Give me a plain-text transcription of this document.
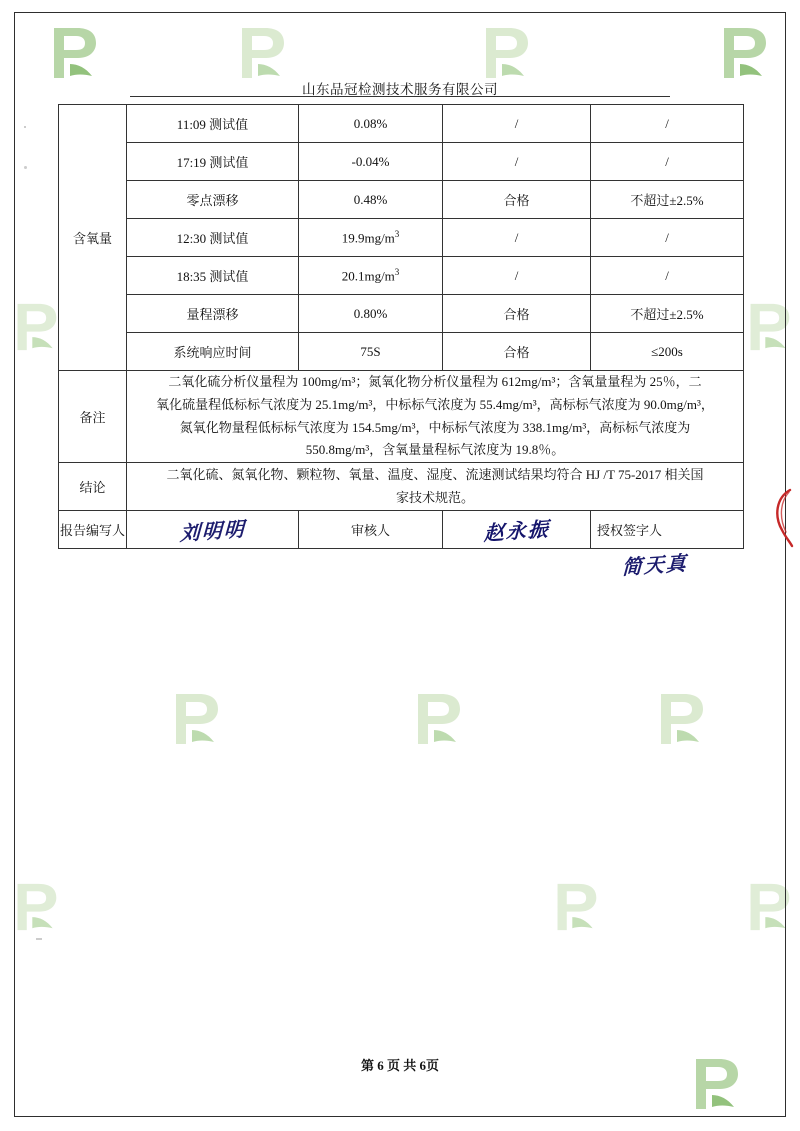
山东品冠检测技术服务有限公司
含氧量	11:09 测试值	0.08%	/	/
	17:19 测试值	-0.04%	/	/
	零点漂移	0.48%	合格	不超过±2.5%
	12:30 测试值	$19.9mg/m^3$	/	/
	18:35 测试值	$20.1mg/m^3$	/	/
	量程漂移	0.80%	合格	不超过±2.5%
	系统响应时间	75S	合格	≤200s
备注	二氧化硫分析仪量程为 100mg/m³；氮氧化物分析仪量程为 612mg/m³；含氧量量程为 25％，二

氧化硫量程低标标气浓度为 25.1mg/m³，中标标气浓度为 55.4mg/m³，高标标气浓度为 90.0mg/m³，

氮氧化物量程低标标气浓度为 154.5mg/m³，中标标气浓度为 338.1mg/m³，高标标气浓度为

550.8mg/m³，含氧量量程标气浓度为 19.8％。			

结论	二氧化硫、氮氧化物、颗粒物、氧量、温度、湿度、流速测试结果均符合 HJ /T 75-2017 相关国
家技术规范。			

报告编写人	刘明明	审核人	赵永振	授权签字人
简天真
第 6 页 共 6页
